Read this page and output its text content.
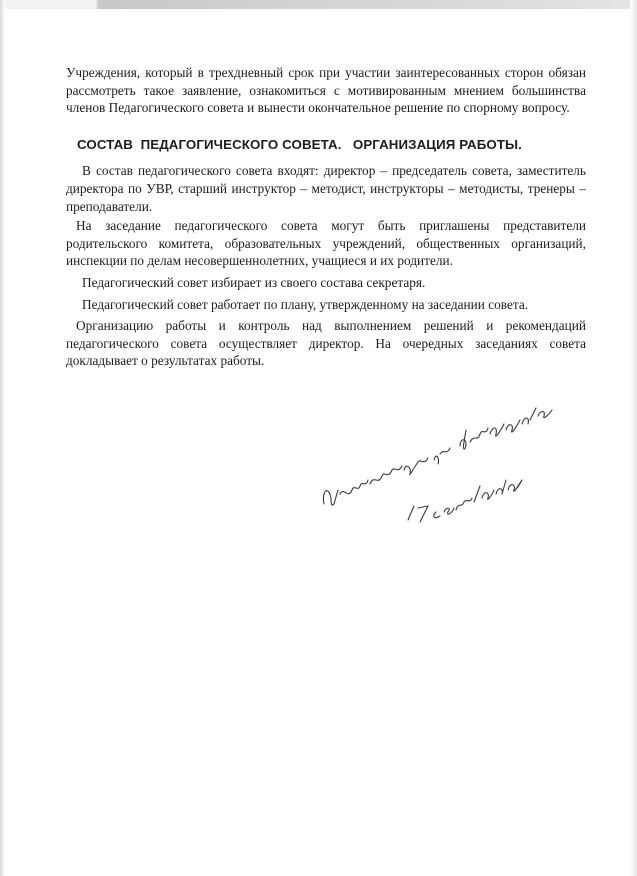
Учреждения, который в трехдневный срок при участии заинтересованных сторон обязан рассмотреть такое заявление, ознакомиться с мотивированным мнением большинства членов Педагогического совета и вынести окончательное решение по спорному вопросу.

СОСТАВ  ПЕДАГОГИЧЕСКОГО СОВЕТА.   ОРГАНИЗАЦИЯ РАБОТЫ.

В состав педагогического совета входят: директор – председатель совета, заместитель директора по УВР, старший инструктор – методист, инструкторы – методисты, тренеры – преподаватели.

На заседание педагогического совета могут быть приглашены представители родительского комитета, образовательных учреждений, общественных организаций, инспекции по делам несовершеннолетних, учащиеся и их родители.

Педагогический совет избирает из своего состава секретаря.

Педагогический совет работает по плану, утвержденному на заседании совета.

Организацию работы и контроль над выполнением решений и рекомендаций педагогического совета осуществляет директор. На очередных заседаниях совета докладывает о результатах работы.
